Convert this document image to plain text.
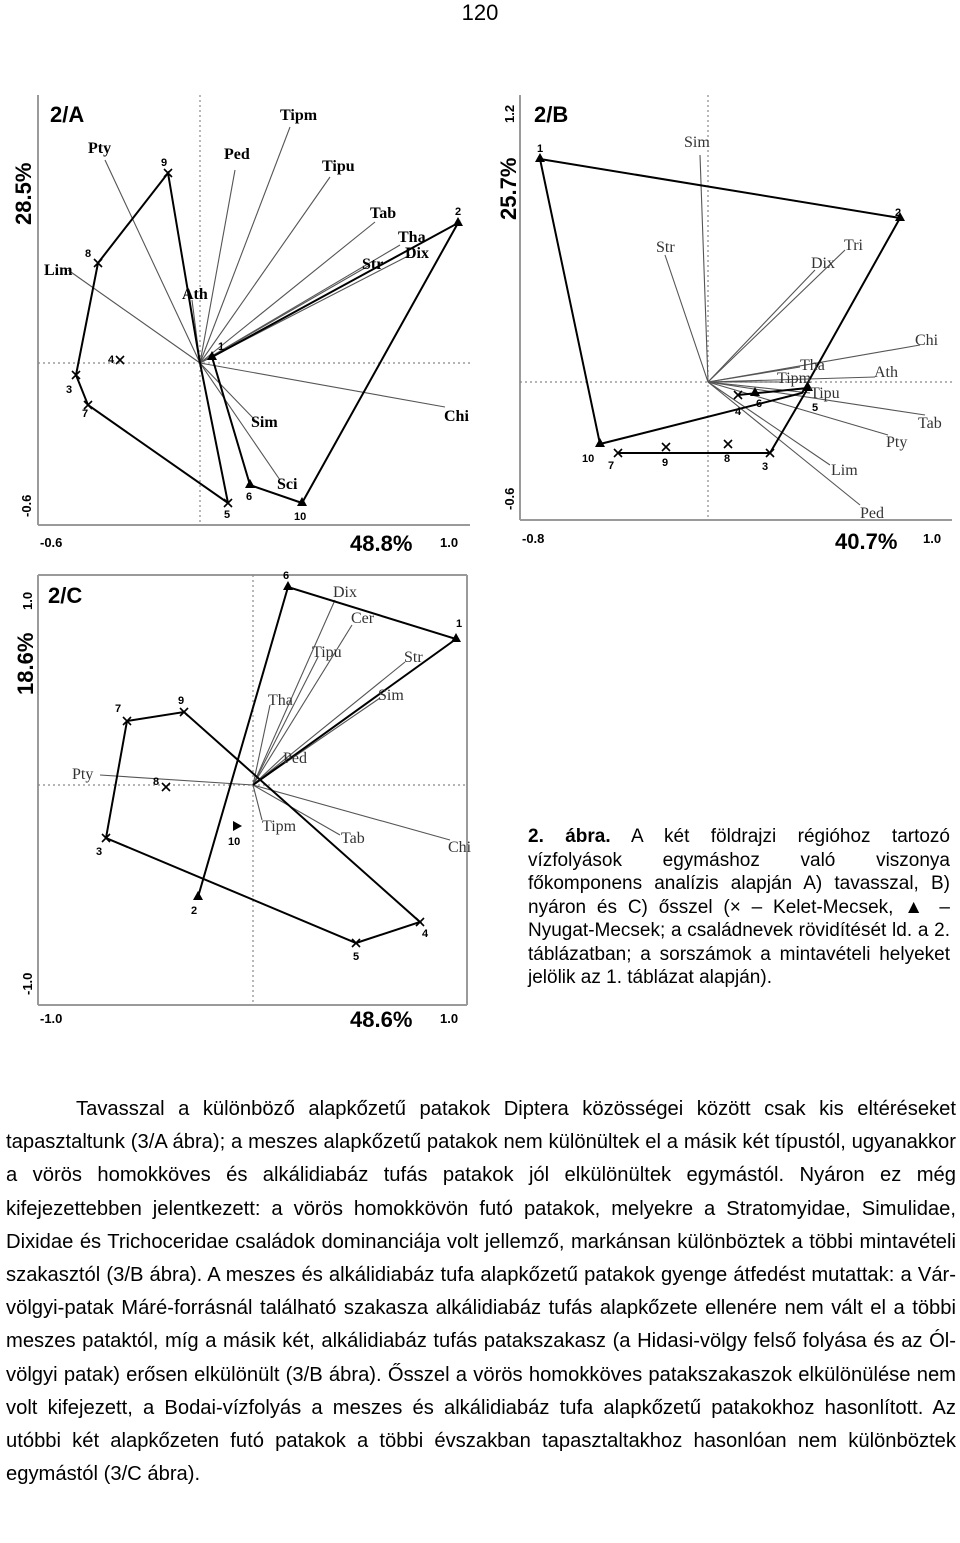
120
1
2
3
4
5
6
7
8
9
10
Pty	Ped
Tipm
Tipu
Tab
Tha
Dix
Str
Lim
Ath
Sim	Chi
Sci
2/A
28.5%
-0.6
-0.6	48.8% 1.0
1
2
3
4	5
6
7
8
9
10
Sim
Str
Dix
Tri
Chi
Tha	Ath
Tipm
Tipu
Tab
Pty
Lim
Ped
2/B
1.2
25.7%
-0.6
-0.8	40.7% 1.0
1
2
3
4
5
6
7
8
9
10
Dix
Cer
Tipu	Str
Sim
Tha
Ped
Pty
Tipm
Tab
Chi
2/C
1.0
18.6%
-1.0
-1.0	48.6% 1.0
2. ábra. A két földrajzi régióhoz tartozó vízfolyások egymáshoz való viszonya főkomponens analízis alapján A) tavasszal, B) nyáron és C) ősszel (× – Kelet-Mecsek, ▲ – Nyugat-Mecsek; a családnevek rövidítését ld. a 2. táblázatban; a sorszámok a mintavételi helyeket jelölik az 1. táblázat alapján).

Tavasszal a különböző alapkőzetű patakok Diptera közösségei között csak kis eltéréseket tapasztaltunk (3/A ábra); a meszes alapkőzetű patakok nem különültek el a másik két típustól, ugyanakkor a vörös homokköves és alkálidiabáz tufás patakok jól elkülönültek egymástól. Nyáron ez még kifejezettebben jelentkezett: a vörös homokkövön futó patakok, melyekre a Stratomyidae, Simulidae, Dixidae és Trichoceridae családok dominanciája volt jellemző, markánsan különböztek a többi mintavételi szakasztól (3/B ábra). A meszes és alkálidiabáz tufa alapkőzetű patakok gyenge átfedést mutattak: a Vár-völgyi-patak Máré-forrásnál található szakasza alkálidiabáz tufás alapkőzete ellenére nem vált el a többi meszes pataktól, míg a másik két, alkálidiabáz tufás patakszakasz (a Hidasi-völgy felső folyása és az Ól-völgyi patak) erősen elkülönült (3/B ábra). Ősszel a vörös homokköves patakszakaszok elkülönülése nem volt kifejezett, a Bodai-vízfolyás a meszes és alkálidiabáz tufa alapkőzetű patakokhoz hasonlított. Az utóbbi két alapkőzeten futó patakok a többi évszakban tapasztaltakhoz hasonlóan nem különböztek egymástól (3/C ábra).
